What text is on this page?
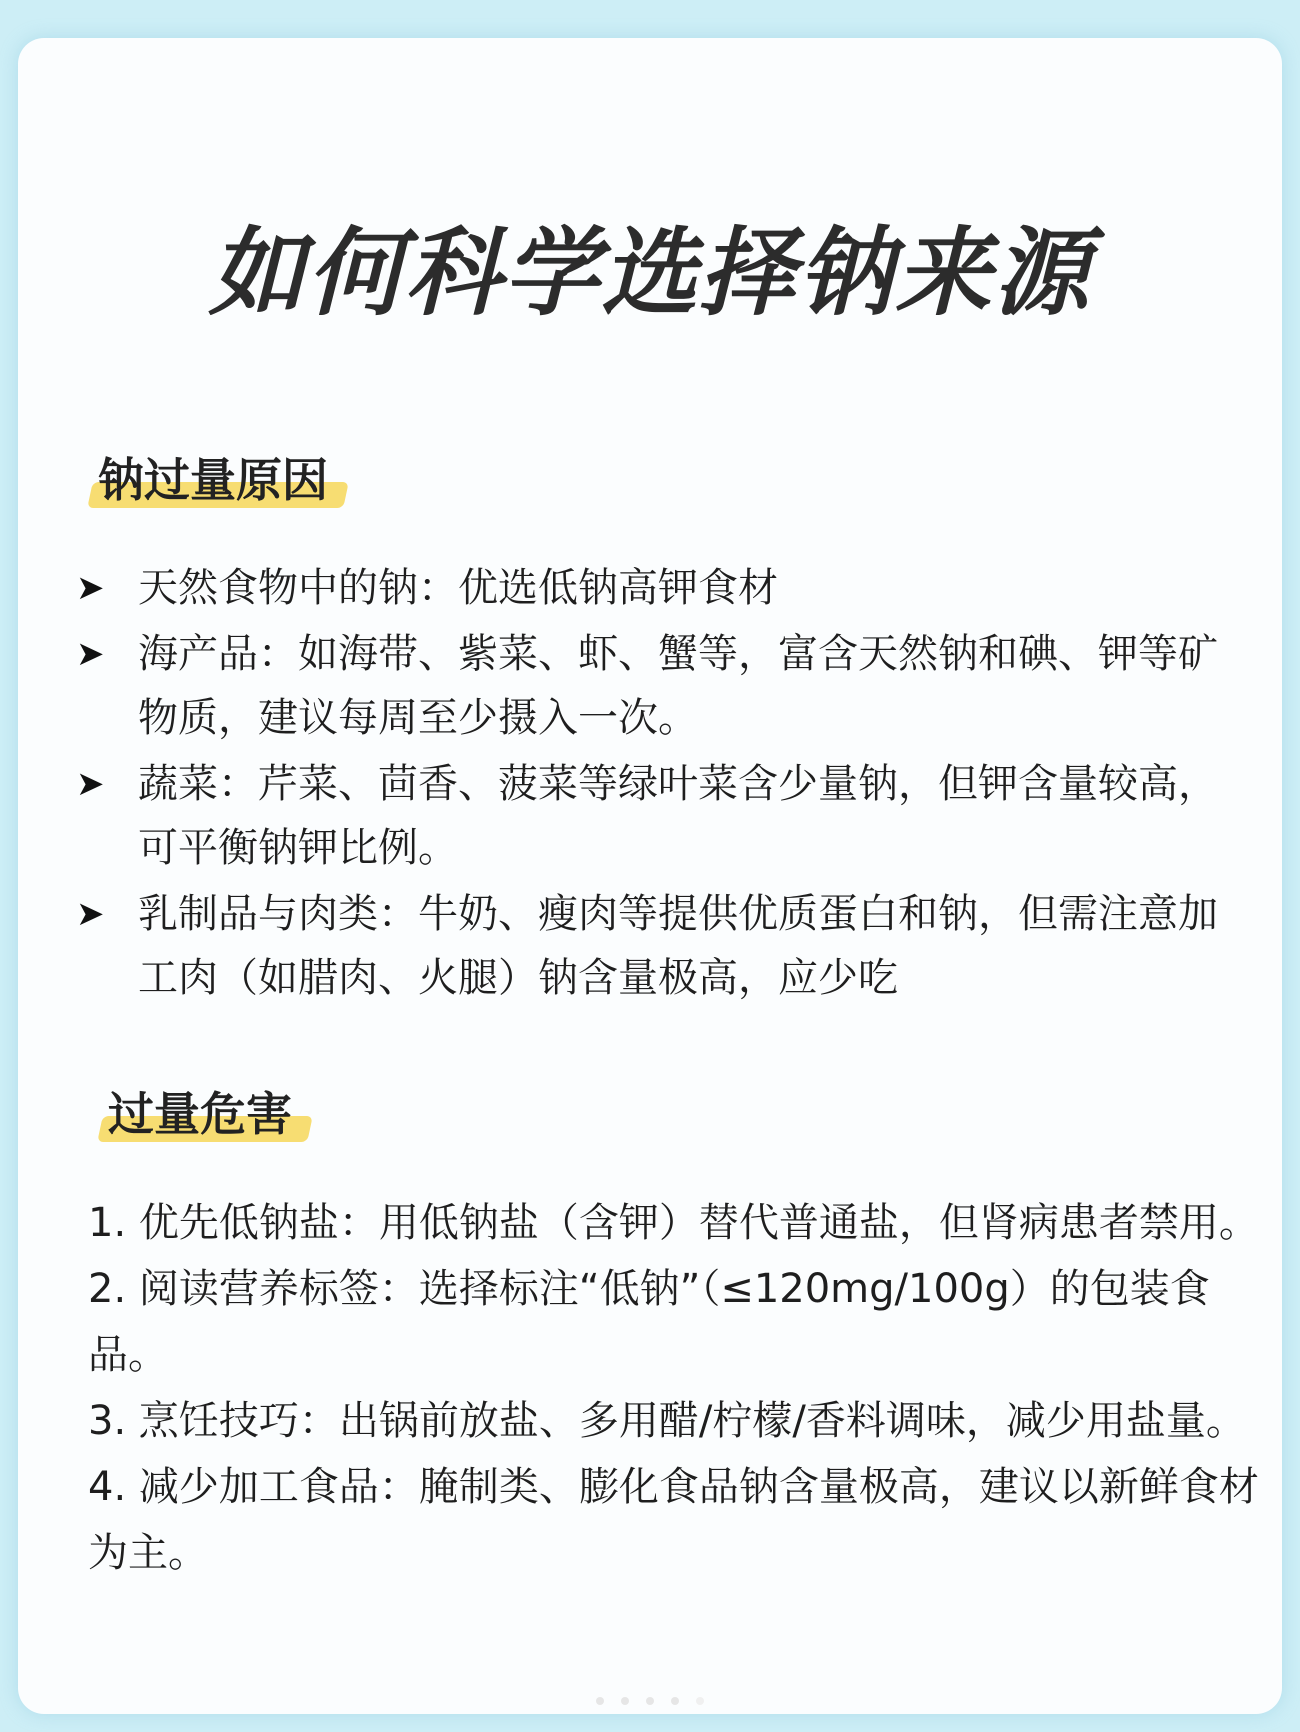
如何科学选择钠来源
钠过量原因
➤ 天然食物中的钠：优选低钠高钾食材
➤ 海产品：如海带、紫菜、虾、蟹等，富含天然钠和碘、钾等矿物质，建议每周至少摄入一次。
➤ 蔬菜：芹菜、茴香、菠菜等绿叶菜含少量钠，但钾含量较高，可平衡钠钾比例。
➤ 乳制品与肉类：牛奶、瘦肉等提供优质蛋白和钠，但需注意加工肉（如腊肉、火腿）钠含量极高，应少吃
过量危害
1. 优先低钠盐：用低钠盐（含钾）替代普通盐，但肾病患者禁用。
2. 阅读营养标签：选择标注“低钠”（≤120mg/100g）的包装食品。
3. 烹饪技巧：出锅前放盐、多用醋/柠檬/香料调味，减少用盐量。
4. 减少加工食品：腌制类、膨化食品钠含量极高，建议以新鲜食材为主。
